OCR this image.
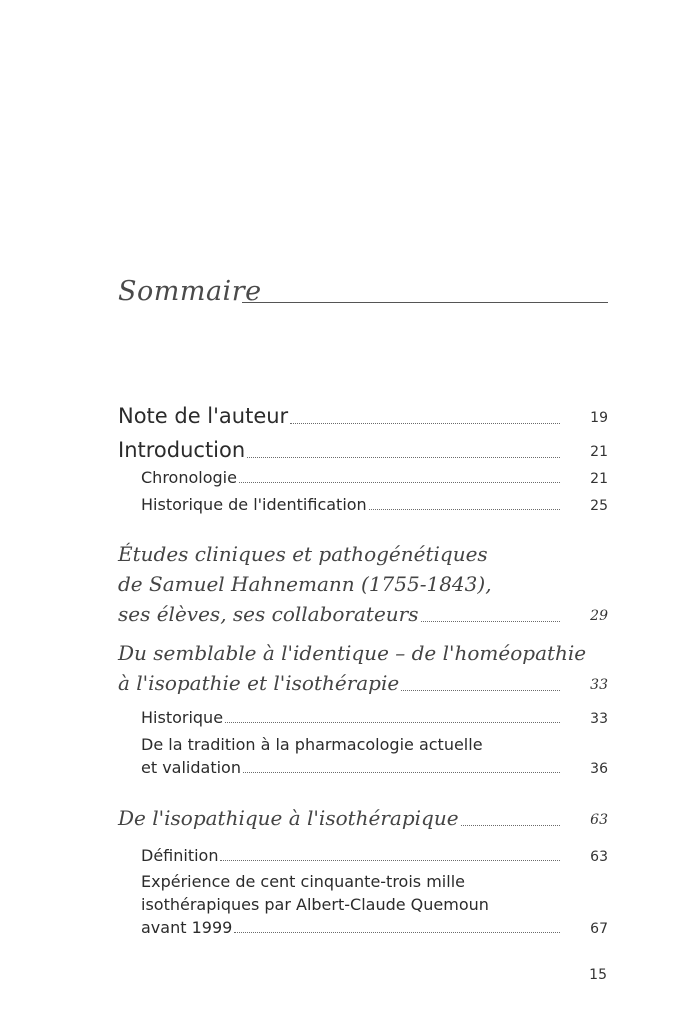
Sommaire
Note de l'auteur	19
Introduction	21
Chronologie	21
Historique de l'identification	25
Études cliniques et pathogénétiques
de Samuel Hahnemann (1755-1843),
ses élèves, ses collaborateurs	29
Du semblable à l'identique – de l'homéopathie
à l'isopathie et l'isothérapie	33
Historique	33
De la tradition à la pharmacologie actuelle
et validation	36
De l'isopathique à l'isothérapique	63
Définition	63
Expérience de cent cinquante-trois mille
isothérapiques par Albert-Claude Quemoun
avant 1999	67
15
